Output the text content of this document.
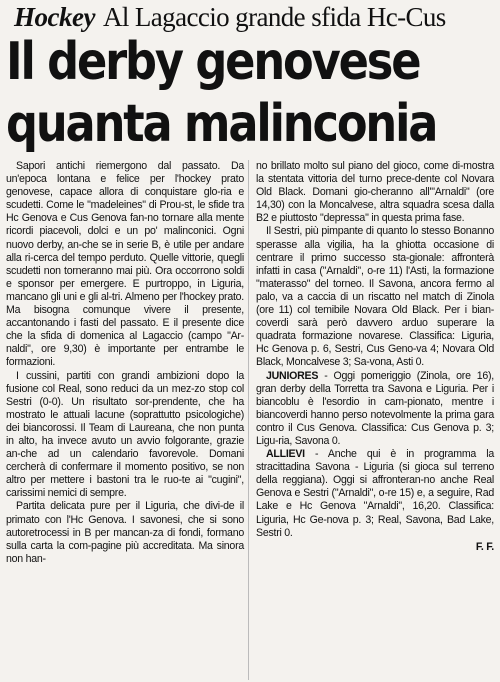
Hockey Al Lagaccio grande sfida Hc-Cus
Il derby genovese
quanta malinconia

Sapori antichi riemergono dal passato. Da un'epoca lontana e felice per l'hockey prato genovese, capace allora di conquistare glo-ria e scudetti. Come le "madeleines" di Prou-st, le sfide tra Hc Genova e Cus Genova fan-no tornare alla mente ricordi piacevoli, dolci e un po' malinconici. Ogni nuovo derby, an-che se in serie B, è utile per andare alla ri-cerca del tempo perduto. Quelle vittorie, quegli scudetti non torneranno mai più. Ora occorrono soldi e sponsor per emergere. E purtroppo, in Liguria, mancano gli uni e gli al-tri. Almeno per l'hockey prato. Ma bisogna comunque vivere il presente, accantonando i fasti del passato. E il presente dice che la sfida di domenica al Lagaccio (campo "Ar-naldi", ore 9,30) è importante per entrambe le formazioni.

I cussini, partiti con grandi ambizioni dopo la fusione col Real, sono reduci da un mez-zo stop col Sestri (0-0). Un risultato sor-prendente, che ha mostrato le attuali lacune (soprattutto psicologiche) dei biancorossi. Il Team di Laureana, che non punta in alto, ha invece avuto un avvio folgorante, grazie an-che ad un calendario favorevole. Domani cercherà di confermare il momento positivo, se non altro per mettere i bastoni tra le ruo-te ai "cugini", carissimi nemici di sempre.

Partita delicata pure per il Liguria, che divi-de il primato con l'Hc Genova. I savonesi, che si sono autoretrocessi in B per mancan-za di fondi, formano sulla carta la com-pagine più accreditata. Ma sinora non han-

no brillato molto sul piano del gioco, come di-mostra la stentata vittoria del turno prece-dente col Novara Old Black. Domani gio-cheranno all'"Arnaldi" (ore 14,30) con la Moncalvese, altra squadra scesa dalla B2 e piuttosto "depressa" in questa prima fase.

Il Sestri, più pimpante di quanto lo stesso Bonanno sperasse alla vigilia, ha la ghiotta occasione di centrare il primo successo sta-gionale: affronterà infatti in casa ("Arnaldi", o-re 11) l'Asti, la formazione "materasso" del torneo. Il Savona, ancora fermo al palo, va a caccia di un riscatto nel match di Zinola (ore 11) col temibile Novara Old Black. Per i bian-coverdi sarà però davvero arduo superare la quadrata formazione novarese. Classifica: Liguria, Hc Genova p. 6, Sestri, Cus Geno-va 4; Novara Old Black, Moncalvese 3; Sa-vona, Asti 0.

JUNIORES - Oggi pomeriggio (Zinola, ore 16), gran derby della Torretta tra Savona e Liguria. Per i biancoblu è l'esordio in cam-pionato, mentre i biancoverdi hanno perso notevolmente la prima gara contro il Cus Genova. Classifica: Cus Genova p. 3; Ligu-ria, Savona 0.

ALLIEVI - Anche qui è in programma la stracittadina Savona - Liguria (si gioca sul terreno della reggiana). Oggi si affronteran-no anche Real Genova e Sestri ("Arnaldi", o-re 15) e, a seguire, Rad Lake e Hc Genova "Arnaldi", 16,20. Classifica: Liguria, Hc Ge-nova p. 3; Real, Savona, Bad Lake, Sestri 0.

F. F.
